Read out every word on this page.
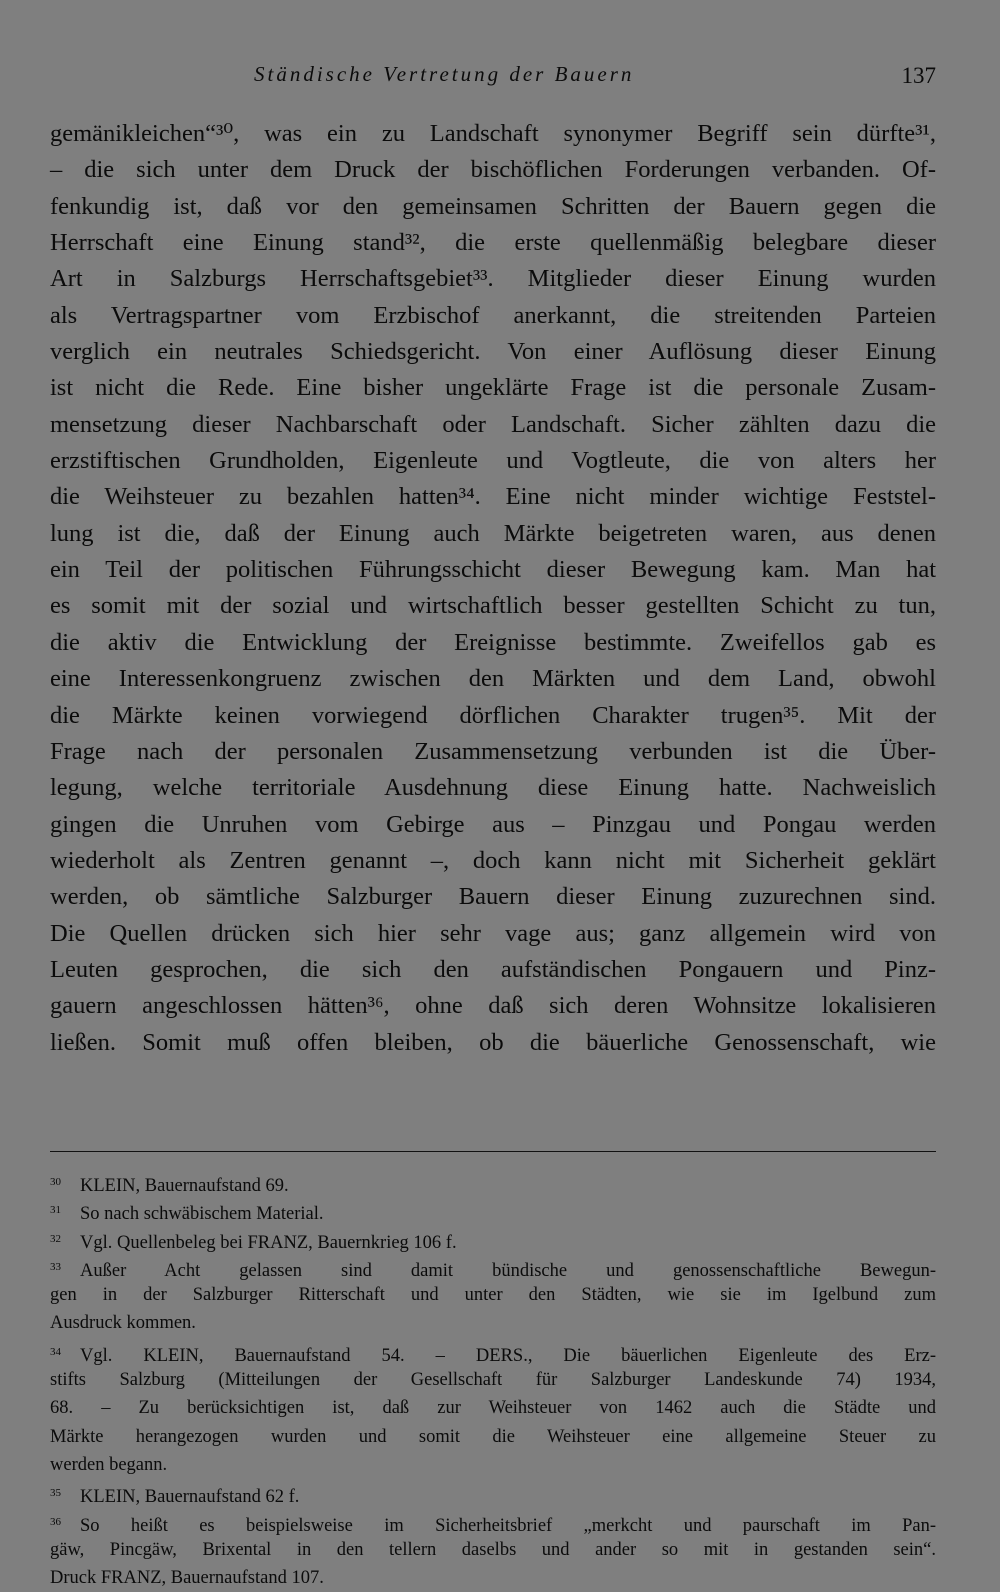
Ständische Vertretung der Bauern	137
gemänikleichen“³⁰, was ein zu Landschaft synonymer Begriff sein dürfte³¹,
– die sich unter dem Druck der bischöflichen Forderungen verbanden. Of-
fenkundig ist, daß vor den gemeinsamen Schritten der Bauern gegen die
Herrschaft eine Einung stand³², die erste quellenmäßig belegbare dieser
Art in Salzburgs Herrschaftsgebiet³³. Mitglieder dieser Einung wurden
als Vertragspartner vom Erzbischof anerkannt, die streitenden Parteien
verglich ein neutrales Schiedsgericht. Von einer Auflösung dieser Einung
ist nicht die Rede. Eine bisher ungeklärte Frage ist die personale Zusam-
mensetzung dieser Nachbarschaft oder Landschaft. Sicher zählten dazu die
erzstiftischen Grundholden, Eigenleute und Vogtleute, die von alters her
die Weihsteuer zu bezahlen hatten³⁴. Eine nicht minder wichtige Feststel-
lung ist die, daß der Einung auch Märkte beigetreten waren, aus denen
ein Teil der politischen Führungsschicht dieser Bewegung kam. Man hat
es somit mit der sozial und wirtschaftlich besser gestellten Schicht zu tun,
die aktiv die Entwicklung der Ereignisse bestimmte. Zweifellos gab es
eine Interessenkongruenz zwischen den Märkten und dem Land, obwohl
die Märkte keinen vorwiegend dörflichen Charakter trugen³⁵. Mit der
Frage nach der personalen Zusammensetzung verbunden ist die Über-
legung, welche territoriale Ausdehnung diese Einung hatte. Nachweislich
gingen die Unruhen vom Gebirge aus – Pinzgau und Pongau werden
wiederholt als Zentren genannt –, doch kann nicht mit Sicherheit geklärt
werden, ob sämtliche Salzburger Bauern dieser Einung zuzurechnen sind.
Die Quellen drücken sich hier sehr vage aus; ganz allgemein wird von
Leuten gesprochen, die sich den aufständischen Pongauern und Pinz-
gauern angeschlossen hätten³⁶, ohne daß sich deren Wohnsitze lokalisieren
ließen. Somit muß offen bleiben, ob die bäuerliche Genossenschaft, wie
30 KLEIN, Bauernaufstand 69.
31 So nach schwäbischem Material.
32 Vgl. Quellenbeleg bei FRANZ, Bauernkrieg 106 f.
33 Außer Acht gelassen sind damit bündische und genossenschaftliche Bewegun-
gen in der Salzburger Ritterschaft und unter den Städten, wie sie im Igelbund zum
Ausdruck kommen.
34 Vgl. KLEIN, Bauernaufstand 54. – DERS., Die bäuerlichen Eigenleute des Erz-
stifts Salzburg (Mitteilungen der Gesellschaft für Salzburger Landeskunde 74) 1934,
68. – Zu berücksichtigen ist, daß zur Weihsteuer von 1462 auch die Städte und
Märkte herangezogen wurden und somit die Weihsteuer eine allgemeine Steuer zu
werden begann.
35 KLEIN, Bauernaufstand 62 f.
36 So heißt es beispielsweise im Sicherheitsbrief „merkcht und paurschaft im Pan-
gäw, Pincgäw, Brixental in den tellern daselbs und ander so mit in gestanden sein“.
Druck FRANZ, Bauernaufstand 107.
